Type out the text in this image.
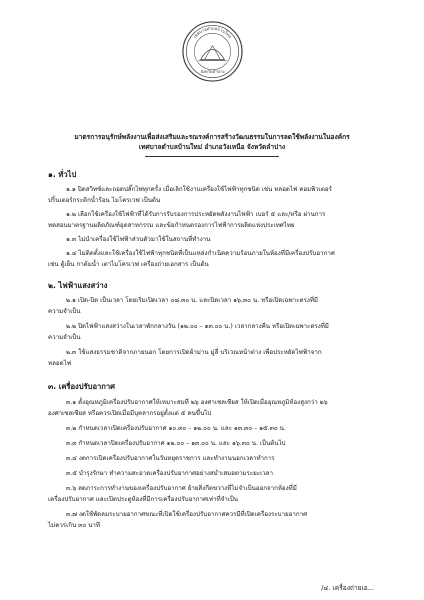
เทศบาลตำบลบ้านใหม่
จังหวัดลำปาง
มาตรการอนุรักษ์พลังงานเพื่อส่งเสริมและรณรงค์การสร้างวัฒนธรรมในการลดใช้พลังงานในองค์กร
เทศบาลตำบลบ้านใหม่ อำเภอวังเหนือ จังหวัดลำปาง
๑. ทั่วไป
๑.๑ ปิดสวิทซ์และถอดปลั๊กไฟทุกครั้ง เมื่อเลิกใช้งานเครื่องใช้ไฟฟ้าทุกชนิด เช่น หลอดไฟ คอมพิวเตอร์
ปริ้นเตอร์กระติกน้ำร้อน ไมโครเวฟ เป็นต้น
๑.๒ เลือกใช้เครื่องใช้ไฟฟ้าที่ได้รับการรับรองการประหยัดพลังงานไฟฟ้า เบอร์ ๕ และ/หรือ ผ่านการ
ทดสอบมาตรฐานผลิตภัณฑ์อุตสาหกรรม และข้อกำหนดรองการไฟฟ้าการผลิตแห่งประเทศไทย
๑.๓ ไม่นำเครื่องใช้ไฟฟ้าส่วนตัวมาใช้ในสถานที่ทำงาน
๑.๔ ไม่ติดตั้งและใช้เครื่องใช้ไฟฟ้าทุกชนิดที่เป็นแหล่งกำเนิดความร้อนภายในห้องที่มีเครื่องปรับอากาศ
เช่น ตู้เย็น กาต้มน้ำ เตาไมโครเวฟ เครื่องถ่ายเอกสาร เป็นต้น
๒. ไฟฟ้าแสงสว่าง
๒.๑ เปิด-ปิด เป็นเวลา โดยเริ่มเปิดเวลา ๐๘.๓๐ น. และปิดเวลา ๑๖.๓๐ น. หรือเปิดเฉพาะตรงที่มี
ความจำเป็น
๒.๒ ปิดไฟฟ้าแสงสว่างในเวลาพักกลางวัน (๑๒.๐๐ – ๑๓.๐๐ น.) เวลากลางคืน หรือเปิดเฉพาะตรงที่มี
ความจำเป็น
๒.๓ ใช้แสงธรรมชาติจากภายนอก โดยการเปิดผ้าม่าน มู่ลี่ บริเวณหน้าต่าง เพื่อประหยัดไฟฟ้าจาก
หลอดไฟ
๓. เครื่องปรับอากาศ
๓.๑ ตั้งอุณหภูมิเครื่องปรับอากาศให้เหมาะสมที่ ๒๖ องศาเซลเซียส ให้เปิดเมื่ออุณหภูมิห้องสูงกว่า ๒๖
องศาเซลเซียส หรือควรเปิดเมื่อมีบุคลากรอยู่ตั้งแต่ ๕ คนขึ้นไป
๓.๒ กำหนดเวลาเปิดเครื่องปรับอากาศ ๑๐.๓๐ – ๑๒.๐๐ น. และ ๑๓.๓๐ – ๑๕.๓๐ น.
๓.๓ กำหนดเวลาปิดเครื่องปรับอากาศ ๑๒.๐๐ – ๑๓.๐๐ น. และ ๑๖.๓๐ น. เป็นต้นไป
๓.๔ งดการเปิดเครื่องปรับอากาศในวันหยุดราชการ และทำงานนอกเวลาทำการ
๓.๕ บำรุงรักษา ทำความสะอาดเครื่องปรับอากาศอย่างสม่ำเสมอตามระยะเวลา
๓.๖ ลดภาระการทำงานของเครื่องปรับอากาศ ย้ายสิ่งกีดขวางที่ไม่จำเป็นออกจากห้องที่มี
เครื่องปรับอากาศ และเปิดประตูห้องที่มีการเครื่องปรับอากาศเท่าที่จำเป็น
๓.๗ งดใช้พัดลมระบายอากาศขณะที่เปิดใช้เครื่องปรับอากาศควรมีที่เปิดเครื่องระบายอากาศ
ไม่ควรเกิน ๓๐ นาที
/๔. เครื่องถ่ายเอ...
